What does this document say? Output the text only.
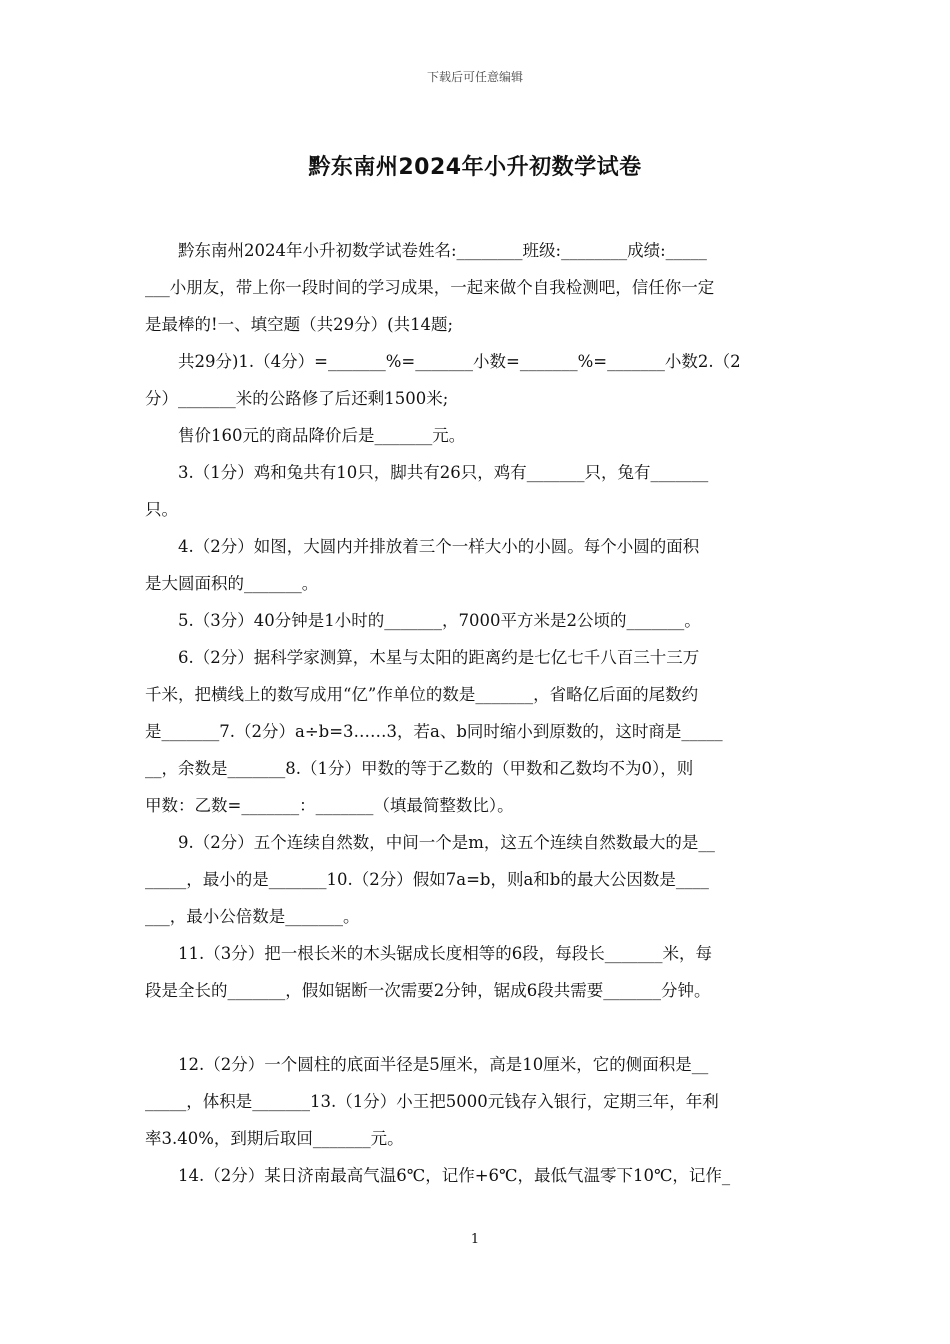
下载后可任意编辑
黔东南州2024年小升初数学试卷
　　黔东南州2024年小升初数学试卷姓名:________班级:________成绩:_____
___小朋友，带上你一段时间的学习成果，一起来做个自我检测吧，信任你一定
是最棒的!一、填空题（共29分）(共14题;
　　共29分)1.（4分）=_______%=_______小数=_______%=_______小数2.（2
分）_______米的公路修了后还剩1500米;
　　售价160元的商品降价后是_______元。
　　3.（1分）鸡和兔共有10只，脚共有26只，鸡有_______只，兔有_______
只。
　　4.（2分）如图，大圆内并排放着三个一样大小的小圆。每个小圆的面积
是大圆面积的_______。
　　5.（3分）40分钟是1小时的_______，7000平方米是2公顷的_______。
　　6.（2分）据科学家测算，木星与太阳的距离约是七亿七千八百三十三万
千米，把横线上的数写成用“亿”作单位的数是_______，省略亿后面的尾数约
是_______7.（2分）a÷b=3……3，若a、b同时缩小到原数的，这时商是_____
__，余数是_______8.（1分）甲数的等于乙数的（甲数和乙数均不为0），则
甲数：乙数=_______：_______（填最简整数比）。
　　9.（2分）五个连续自然数，中间一个是m，这五个连续自然数最大的是__
_____，最小的是_______10.（2分）假如7a=b，则a和b的最大公因数是____
___，最小公倍数是_______。
　　11.（3分）把一根长米的木头锯成长度相等的6段，每段长_______米，每
段是全长的_______，假如锯断一次需要2分钟，锯成6段共需要_______分钟。
　　12.（2分）一个圆柱的底面半径是5厘米，高是10厘米，它的侧面积是__
_____，体积是_______13.（1分）小王把5000元钱存入银行，定期三年，年利
率3.40%，到期后取回_______元。
　　14.（2分）某日济南最高气温6℃，记作+6℃，最低气温零下10℃，记作_
1
